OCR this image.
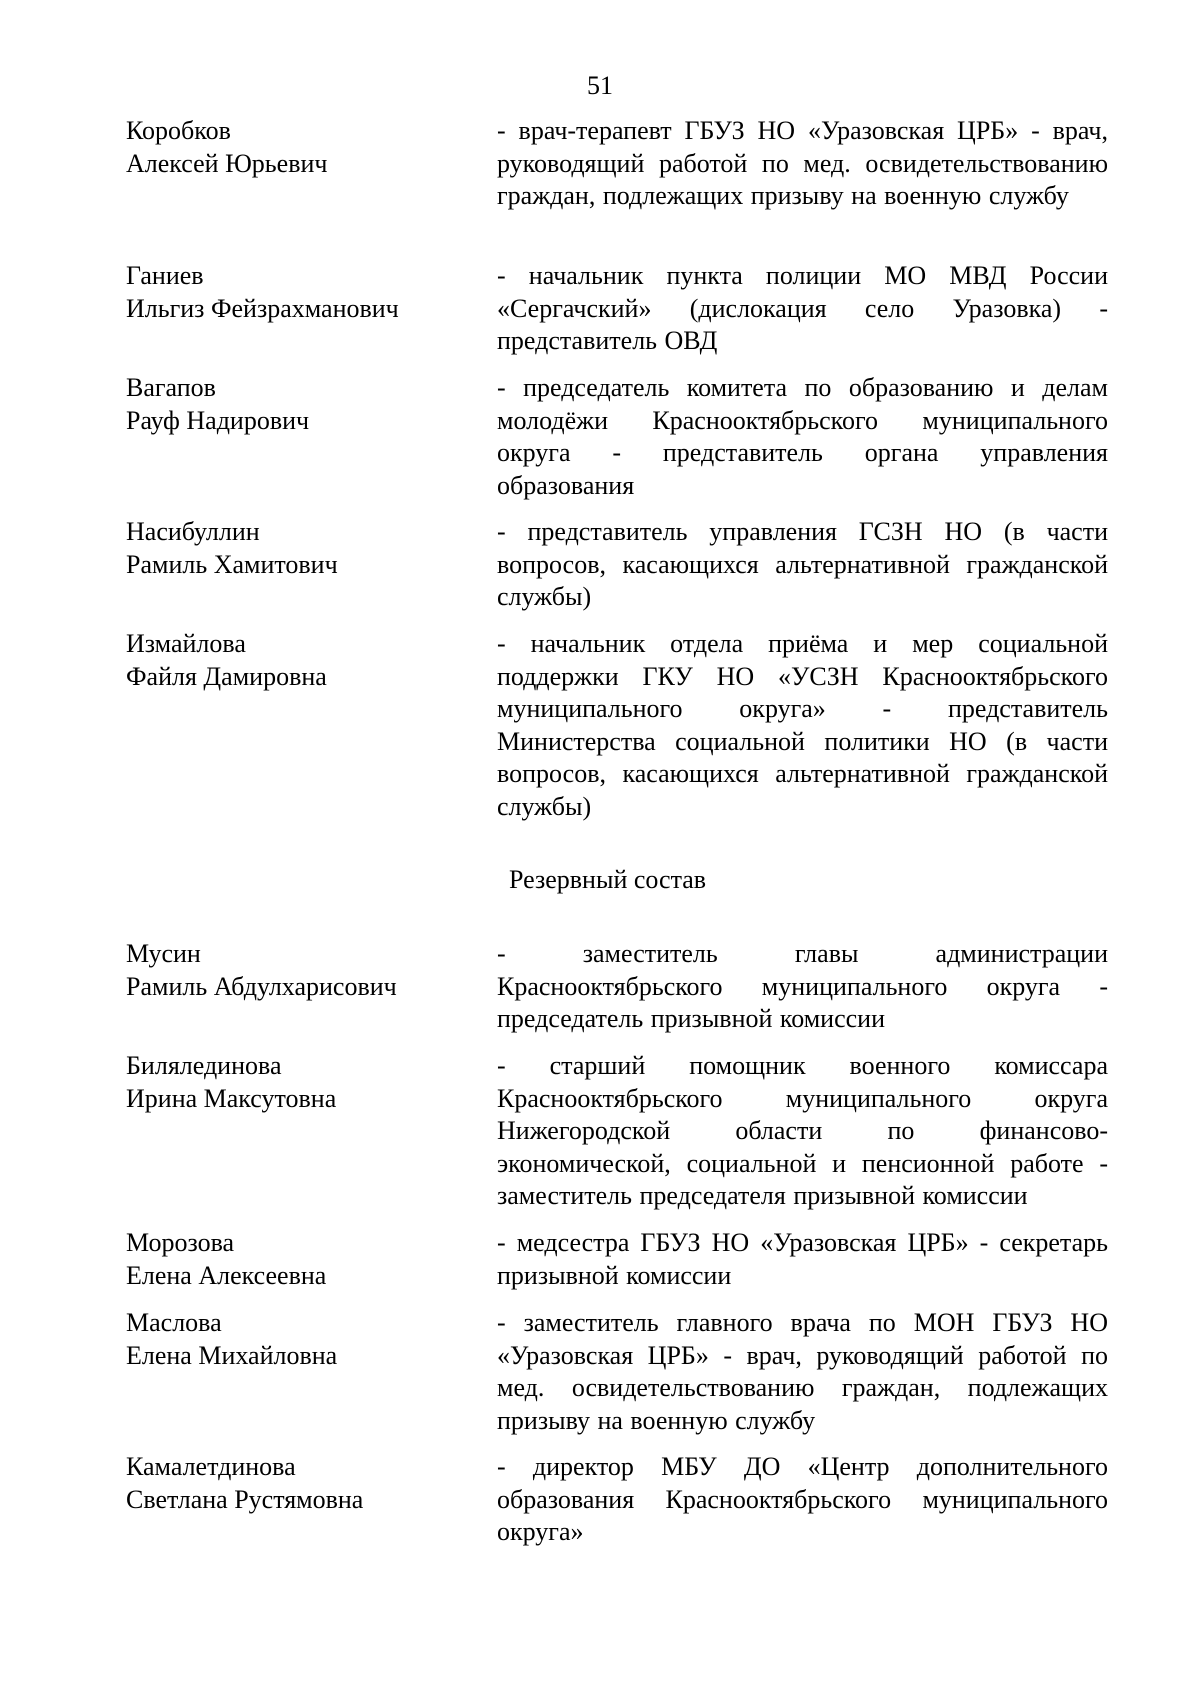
51
Коробков
Алексей Юрьевич
- врач-терапевт ГБУЗ НО «Уразовская ЦРБ» - врач, руководящий работой по мед. освидетельствованию граждан, подлежащих призыву на военную службу
Ганиев
Ильгиз Фейзрахманович
- начальник пункта полиции МО МВД России «Сергачский» (дислокация село Уразовка) - представитель ОВД
Вагапов
Рауф Надирович
- председатель комитета по образованию и делам молодёжи Краснооктябрьского муниципального округа - представитель органа управления образования
Насибуллин
Рамиль Хамитович
- представитель управления ГСЗН НО (в части вопросов, касающихся альтернативной гражданской службы)
Измайлова
Файля Дамировна
- начальник отдела приёма и мер социальной поддержки ГКУ НО «УСЗН Краснооктябрьского муниципального округа» - представитель Министерства социальной политики НО (в части вопросов, касающихся альтернативной гражданской службы)
Резервный состав
Мусин
Рамиль Абдулхарисович
- заместитель главы администрации Краснооктябрьского муниципального округа - председатель призывной комиссии
Билялединова
Ирина Максутовна
- старший помощник военного комиссара Краснооктябрьского муниципального округа Нижегородской области по финансово-экономической, социальной и пенсионной работе - заместитель председателя призывной комиссии
Морозова
Елена Алексеевна
- медсестра ГБУЗ НО «Уразовская ЦРБ» - секретарь призывной комиссии
Маслова
Елена Михайловна
- заместитель главного врача по МОН ГБУЗ НО «Уразовская ЦРБ» - врач, руководящий работой по мед. освидетельствованию граждан, подлежащих призыву на военную службу
Камалетдинова
Светлана Рустямовна
- директор МБУ ДО «Центр дополнительного образования Краснооктябрьского муниципального округа»
